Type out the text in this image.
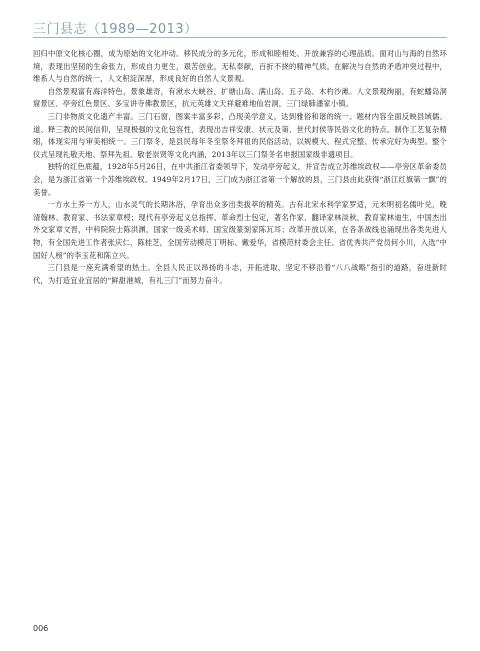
三门县志（1989—2013）

回归中原文化核心圈，成为原始的文化冲动。移民成分的多元化，形成和睦相处、开放兼容的心理品质。面对山与海的自然环境，表现出坚韧的生命张力，形成自力更生，艰苦创业，无私奉献，百折不挠的精神气质。在解决与自然的矛盾冲突过程中，维系人与自然的统一，人文积淀深厚，形成良好的自然人文景观。

自然景观富有海洋特色，景象雄奇，有湫水大峡谷、扩塘山岛、满山岛、五子岛、木杓沙滩。人文景观绚丽，有蛇蟠岛洞窟景区、亭旁红色景区、多宝讲寺佛教景区，抗元英雄文天祥避难地仙岩洞，三门绿肺潘家小镇。

三门非物质文化遗产丰富。三门石窗，图案丰富多彩，凸现美学意义，达到雅俗和谐的统一。题材内容全面反映县域儒、道、释三教的民间信仰，呈现极强的文化包容性，表现出吉祥安康、状元及第、世代封侯等民俗文化的特点。制作工艺复杂精细，体现实用与审美相统一。三门祭冬，是县民每年冬至祭冬拜祖的民俗活动，以规模大、程式完整、传承完好为典型。整个仪式呈现礼敬天地、祭拜先祖、敬老崇贤等文化内涵，2013年以三门祭冬名申报国家级非遗项目。

独特的红色底蕴，1928年5月26日，在中共浙江省委领导下，发动亭旁起义，并宣告成立苏维埃政权——亭旁区革命委员会，是为浙江省第一个苏维埃政权。1949年2月17日，三门成为浙江省第一个解放的县，三门县由此获得“浙江红旗第一飘”的美誉。

一方水土养一方人，山水灵气的长期沐浴，孕育出众多出类拔萃的精英。古有北宋水利学家罗适，元末明初名儒叶兑，晚清翰林、教育家、书法家章梫；现代有亭旁起义总指挥、革命烈士包定，著名作家、翻译家林淡秋，教育家林迪生，中国杰出外交家章文晋，中科院院士陈洪渊，国家一级美术师、国宝级篆刻家陈瓦耳；改革开放以来，在各条战线也涌现出各类先进人物，有全国先进工作者张庆仁、陈桂芝，全国劳动模范丁明标、戴爱华，省模范村委会主任、省优秀共产党员何小川，入选“中国好人榜”的李玉花和陈立兴。

三门县是一座充满希望的热土。全县人民正以昂扬的斗志，开拓进取，坚定不移沿着“八八战略”指引的道路，奋进新时代，为打造宜业宜居的“鲜甜港城，有礼三门”而努力奋斗。

006
